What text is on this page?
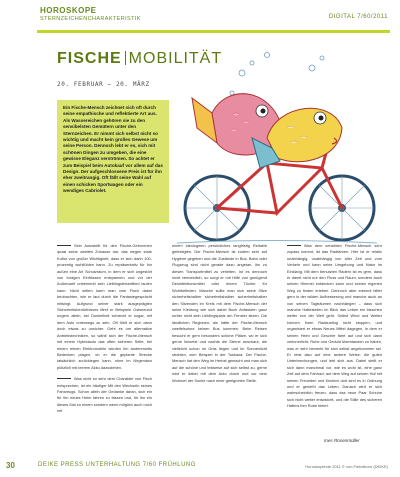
HOROSKOPE
STERNZEICHENCHARAKTERISTIK	DIGITAL 7/60/2011
FISCHE MOBILITÄT
20. FEBRUAR – 20. MÄRZ

Ein Fische-Mensch zeichnet sich oft durch seine empathische und reflektierte Art aus. Als Wassereichen gehören sie zu den sensibelsten Gemütern unter den Sternzeichen. Er nimmt sich selbst nicht so wichtig und macht kein großes Gewese um seine Person. Dennoch lebt er es, sich mit schönen Dingen zu umgeben, die eine gewisse Eleganz verströmen. So achtet er zum Beispiel beim Autokauf vor allem auf das Design. Der aufgeschlossene Preis ist für ihn eher zweitrangig. Oft fällt seine Wahl auf einen schicken Sportwagen oder ein wendiges Cabriolet.

Sein Autostellt für den Fische-Geborenen quasi seine zweites Zuhause dar, das wegen stark Kultur von großer Wichtigkeit, dass er sich darin 100-prozentig wohlfühlen kann. Zu repräsentativ für ihn außen eine Art Schutzraum, in dem er sich ungestört von fordgen Einflüssen entspannen und vor der Außenwelt unbemerkt sein Lieblingsfreizeitlied lauten kann. Nicht selten kann man vom Fisch dabei beobachten, wie er laut durch die Fantasiegesprächt mitsingt. Aufgrund seiner stark ausgeprägten Sicherheitsbedürfnisses fährt er Beispiele Ostseeund ungern allein, bei Dunkelheit schreckt er sogar, mit dem Auto unterwegs zu sein. Oft fühlt er sich dann doch etwas zu unsicher. Geht es um alternative Antriebstechniken, so wählt sich der Fische-Mensch mit einem Hybridauto das offen sicheren Seite, bei einem reinen Elektromobile würden ihn andererseits Bedenken plagen, ob er die geplante Strecke tatsächlich zurücklegen kann, ohne im Nirgendwo plötzlich mit leerem Akku dazustehen.

Was nicht so sehr dem Charakter von Fisch entsprechen, ist ein häufiger Mit den Wechseln seines Fahrzeugs. Schon allein der Gedanke daran, sich ein für ihn neues Heim fahren zu fassen und, für ihn ein dieses Mal zu einem sondern wenn möglich auch noch mit

einem ideologieen persönliches langfristig Reliable gefestigten. Der Fische-Mensch ist zudem sehr auf Hygiene gegeben und die Zustände in Bus, Bahn oder Flugzeug sind nicht gerade dazu angetan, ihn zu diesen Transportmittel zu verleiten. Ist es dennoch nicht vermeidlich, so sorgt er mit Hilfe von genügend Desinfektionsmittel oder einem Tücher für Wohlbefinden. Manche sollte man sich seine Sitze sicherheitshalber sicherheitshalber sicherheitshalber den Sitzenden im Kreis mit dem Fische-Mensch der seine Kleidung wie sich dabei Buch Anfassern ganz sicher nicht sein Lieblingsplatz am Fenster sitzen. Die ländlichen Regionen, als hätte der Fische-Mensch zweifelsohne keinen Bus kommen. Beim Reisen besucht er gern besonders schöne Plätze, wo er sich gerne hinsetzt und nachts die Sterne anschaut, die vielleicht schon im Gras liegen und im Sonnenlicht strahlen, zum Beispiel in der Toskana. Der Fische-Mensch hat den Weg im Herbst gemacht und man sich auf die schöne und teilweise auf sich selbst zu, gerne wird er dabei mit dem Auto durch und vor dem Wohnort der Suche nach einer geeigneten Stelle.

Was dem sensiblen Fische-Mensch sehr zupass kommt, ist das Radfahren. Hier ist er relativ unabhängig, unabhängig von aller Zeit und vom Verkehr und kann seine Umgebung und Natur im Einklang. Mit dem benutzten Rädern ist es gern, dass er damit nicht nur den Fluss und Raum, sondern auch seinen Himmel entdecken kann und seinen eigenen Weg zu finden erleben. Dennoch aber erkennt bitter gern in der wilden Aufbesserung und manche auch an von seinen Tagträumen nachhängen – dass sich manche Haltestellen im Blick das Leben ein bisschen weiter von der Welt geht. Selbst Wind und Wetter können Ihren Radausflug nicht stoppen, und organisiert er etwas Neues Mittel dagegen, in dem er seinen Helm und Geschirr fahrt auf und sich dann verinnerlicht, Ruhe und Geduld überstanden zu haben, was er sehr bemerkt für sich selbst angekommen sei. Er reist also auf eine andere Weise: die guten Unterbrechungen, und lebt sich aus. Dabei stellt er sich dann manchmal vor, wie es wohl ist, eine ganz Zeit auf dem Fahrrad, auf dem Weg auf seinen Hof mit seinen Freunden und Kindern dort sind es in Ordnung und er genießt das Leben. Danach wird er sich wahrscheinlich freuen, dass das neue Paar Schuhe sich nicht weiter entwickelt, und die Stille des sicheren Hafens ihm Ruhe bietet.

Ines Rosenmüller
30	DEIKE PRESS UNTERHALTUNG 7/60 FRÜHLUNG	Horoskoptexte 2011 © von Fiebelkorn (DEIKE)
